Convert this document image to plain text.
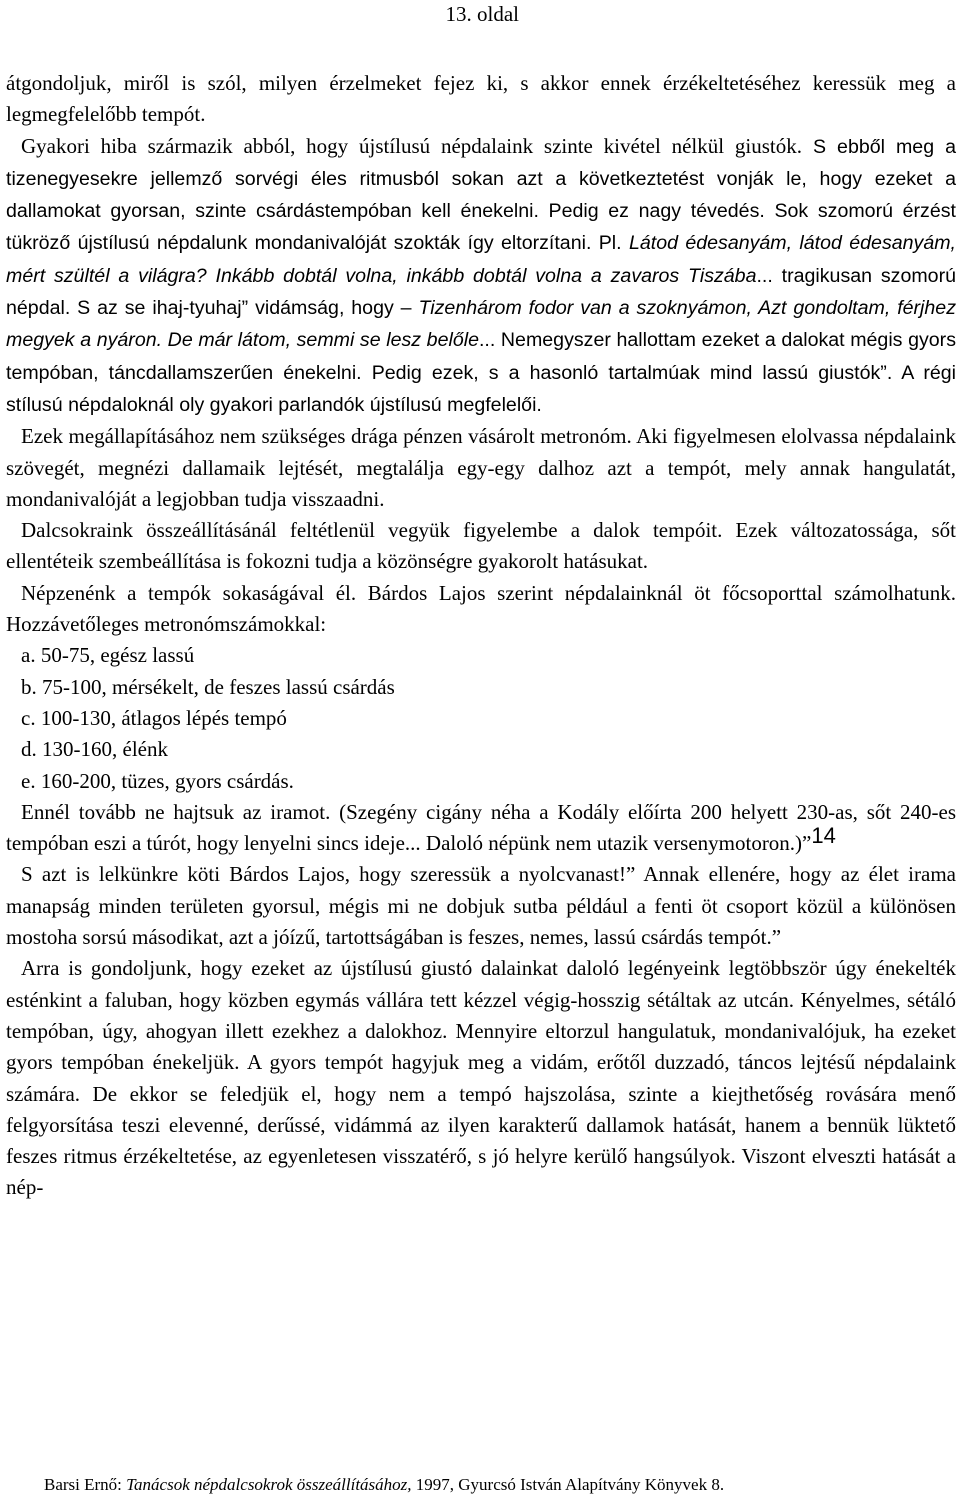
13. oldal

átgondoljuk, miről is szól, milyen érzelmeket fejez ki, s akkor ennek érzékeltetéséhez keressük meg a legmegfelelőbb tempót.

Gyakori hiba származik abból, hogy újstílusú népdalaink szinte kivétel nélkül giustók. S ebből meg a tizenegyesekre jellemző sorvégi éles ritmusból sokan azt a következtetést vonják le, hogy ezeket a dallamokat gyorsan, szinte csárdástempóban kell énekelni. Pedig ez nagy tévedés. Sok szomorú érzést tükröző újstílusú népdalunk mondanivalóját szokták így eltorzítani. Pl. Látod édesanyám, látod édesanyám, mért szültél a világra? Inkább dobtál volna, inkább dobtál volna a zavaros Tiszába... tragikusan szomorú népdal. S az se ihaj-tyuhaj” vidámság, hogy – Tizenhárom fodor van a szoknyámon, Azt gondoltam, férjhez megyek a nyáron. De már látom, semmi se lesz belőle... Nemegyszer hallottam ezeket a dalokat mégis gyors tempóban, táncdallamszerűen énekelni. Pedig ezek, s a hasonló tartalmúak mind lassú giustók”. A régi stílusú népdaloknál oly gyakori parlandók újstílusú megfelelői.

Ezek megállapításához nem szükséges drága pénzen vásárolt metronóm. Aki figyelmesen elolvassa népdalaink szövegét, megnézi dallamaik lejtését, megtalálja egy-egy dalhoz azt a tempót, mely annak hangulatát, mondanivalóját a legjobban tudja visszaadni.

Dalcsokraink összeállításánál feltétlenül vegyük figyelembe a dalok tempóit. Ezek változatossága, sőt ellentéteik szembeállítása is fokozni tudja a közönségre gyakorolt hatásukat.

Népzenénk a tempók sokaságával él. Bárdos Lajos szerint népdalainknál öt főcsoporttal számolhatunk. Hozzávetőleges metronómszámokkal:

a. 50-75, egész lassú

b. 75-100, mérsékelt, de feszes lassú csárdás

c. 100-130, átlagos lépés tempó

d. 130-160, élénk

e. 160-200, tüzes, gyors csárdás.

Ennél tovább ne hajtsuk az iramot. (Szegény cigány néha a Kodály előírta 200 helyett 230-as, sőt 240-es tempóban eszi a túrót, hogy lenyelni sincs ideje... Daloló népünk nem utazik versenymotoron.)”14

S azt is lelkünkre köti Bárdos Lajos, hogy szeressük a nyolcvanast!” Annak ellenére, hogy az élet irama manapság minden területen gyorsul, mégis mi ne dobjuk sutba például a fenti öt csoport közül a különösen mostoha sorsú másodikat, azt a jóízű, tartottságában is feszes, nemes, lassú csárdás tempót.”

Arra is gondoljunk, hogy ezeket az újstílusú giustó dalainkat daloló legényeink legtöbbször úgy énekelték esténkint a faluban, hogy közben egymás vállára tett kézzel végig-hosszig sétáltak az utcán. Kényelmes, sétáló tempóban, úgy, ahogyan illett ezekhez a dalokhoz. Mennyire eltorzul hangulatuk, mondanivalójuk, ha ezeket gyors tempóban énekeljük. A gyors tempót hagyjuk meg a vidám, erőtől duzzadó, táncos lejtésű népdalaink számára. De ekkor se feledjük el, hogy nem a tempó hajszolása, szinte a kiejthetőség rovására menő felgyorsítása teszi elevenné, derűssé, vidámmá az ilyen karakterű dallamok hatását, hanem a bennük lüktető feszes ritmus érzékeltetése, az egyenletesen visszatérő, s jó helyre kerülő hangsúlyok. Viszont elveszti hatását a nép-

Barsi Ernő: Tanácsok népdalcsokrok összeállításához, 1997, Gyurcsó István Alapítvány Könyvek 8.
